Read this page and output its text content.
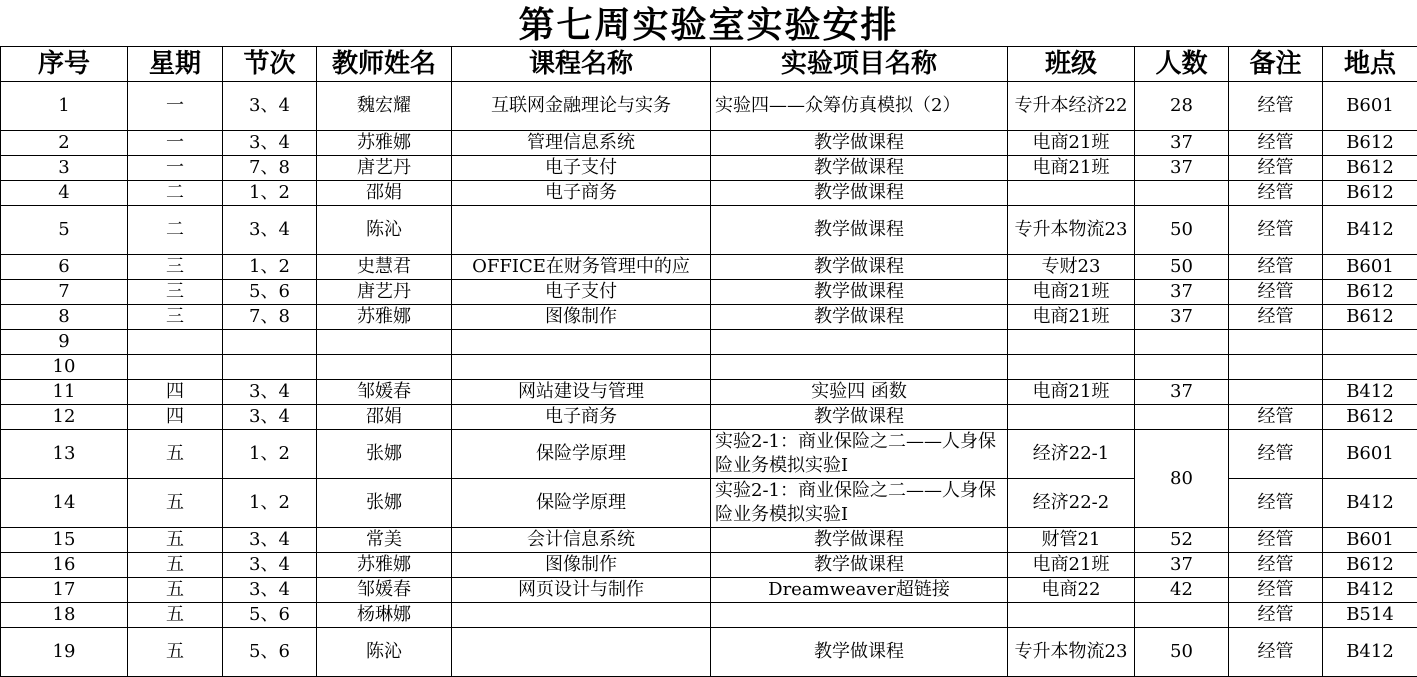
第七周实验室实验安排
序号	星期	节次	教师姓名	课程名称	实验项目名称	班级	人数	备注	地点
1	一	3、4	魏宏耀	互联网金融理论与实务	实验四——众筹仿真模拟（2）	专升本经济22	28	经管	B601
2	一	3、4	苏雅娜	管理信息系统	教学做课程	电商21班	37	经管	B612
3	一	7、8	唐艺丹	电子支付	教学做课程	电商21班	37	经管	B612
4	二	1、2	邵娟	电子商务	教学做课程			经管	B612
5	二	3、4	陈沁		教学做课程	专升本物流23	50	经管	B412
6	三	1、2	史慧君	OFFICE在财务管理中的应	教学做课程	专财23	50	经管	B601
7	三	5、6	唐艺丹	电子支付	教学做课程	电商21班	37	经管	B612
8	三	7、8	苏雅娜	图像制作	教学做课程	电商21班	37	经管	B612
9									
10									
11	四	3、4	邹媛春	网站建设与管理	实验四 函数	电商21班	37		B412
12	四	3、4	邵娟	电子商务	教学做课程			经管	B612
13	五	1、2	张娜	保险学原理	实验2-1：商业保险之二——人身保险业务模拟实验Ⅰ	经济22-1	80	经管	B601
14	五	1、2	张娜	保险学原理	实验2-1：商业保险之二——人身保险业务模拟实验Ⅰ	经济22-2		经管	B412
15	五	3、4	常美	会计信息系统	教学做课程	财管21	52	经管	B601
16	五	3、4	苏雅娜	图像制作	教学做课程	电商21班	37	经管	B612
17	五	3、4	邹媛春	网页设计与制作	Dreamweaver超链接	电商22	42	经管	B412
18	五	5、6	杨琳娜					经管	B514
19	五	5、6	陈沁		教学做课程	专升本物流23	50	经管	B412
